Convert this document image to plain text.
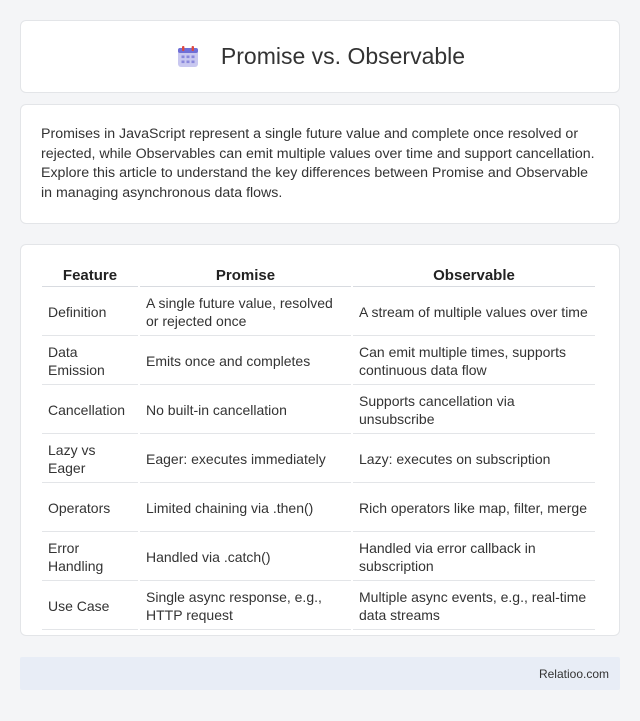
Promise vs. Observable

Promises in JavaScript represent a single future value and complete once resolved or rejected, while Observables can emit multiple values over time and support cancellation. Explore this article to understand the key differences between Promise and Observable in managing asynchronous data flows.

Feature	Promise	Observable
Definition	A single future value, resolved or rejected once	A stream of multiple values over time
Data Emission	Emits once and completes	Can emit multiple times, supports continuous data flow
Cancellation	No built-in cancellation	Supports cancellation via unsubscribe
Lazy vs Eager	Eager: executes immediately	Lazy: executes on subscription
Operators	Limited chaining via .then()	Rich operators like map, filter, merge
Error Handling	Handled via .catch()	Handled via error callback in subscription
Use Case	Single async response, e.g., HTTP request	Multiple async events, e.g., real-time data streams
Relatioo.com
